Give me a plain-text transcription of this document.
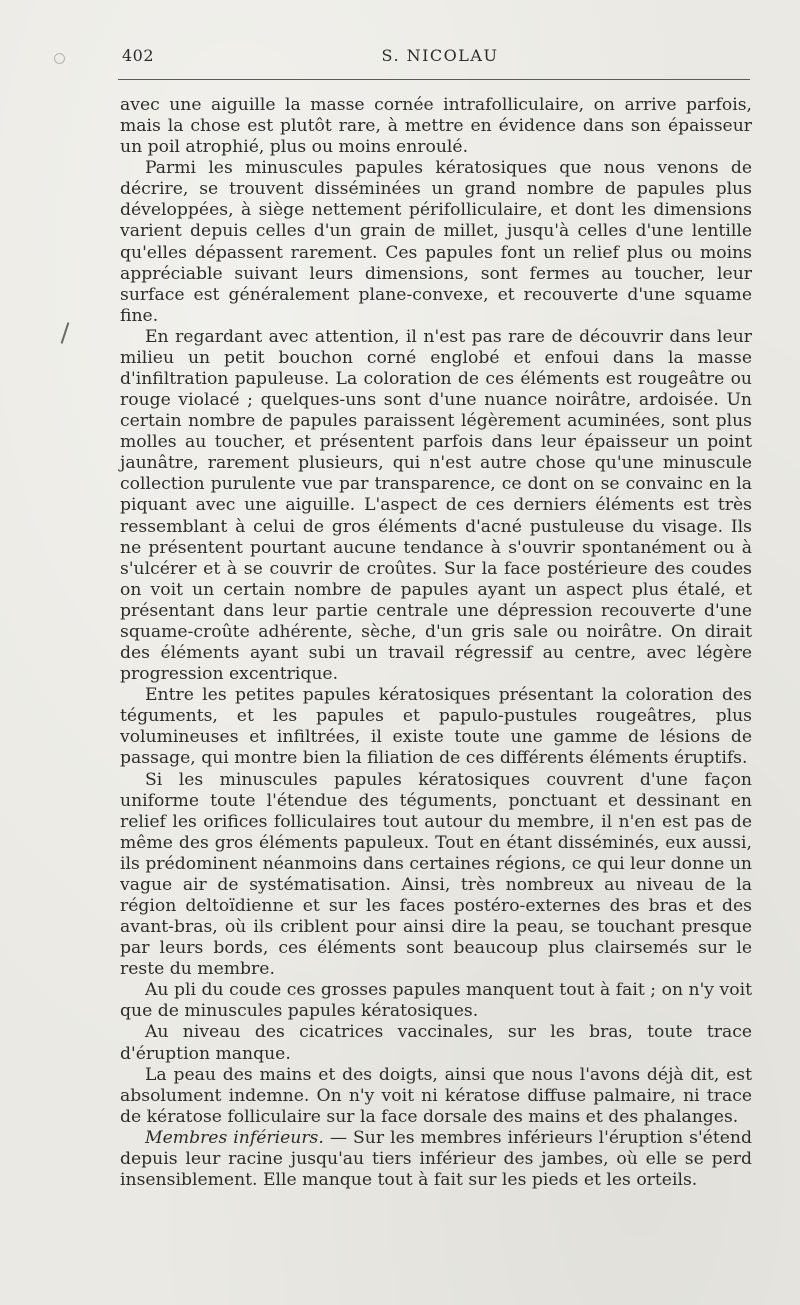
402	S. NICOLAU

avec une aiguille la masse cornée intrafolliculaire, on arrive parfois, mais la chose est plutôt rare, à mettre en évidence dans son épaisseur un poil atrophié, plus ou moins enroulé.

Parmi les minuscules papules kératosiques que nous venons de décrire, se trouvent disséminées un grand nombre de papules plus développées, à siège nettement périfolliculaire, et dont les dimensions varient depuis celles d'un grain de millet, jusqu'à celles d'une lentille qu'elles dépassent rarement. Ces papules font un relief plus ou moins appréciable suivant leurs dimensions, sont fermes au toucher, leur surface est généralement plane-convexe, et recouverte d'une squame fine.

En regardant avec attention, il n'est pas rare de découvrir dans leur milieu un petit bouchon corné englobé et enfoui dans la masse d'infiltration papuleuse. La coloration de ces éléments est rougeâtre ou rouge violacé ; quelques-uns sont d'une nuance noirâtre, ardoisée. Un certain nombre de papules paraissent légèrement acuminées, sont plus molles au toucher, et présentent parfois dans leur épaisseur un point jaunâtre, rarement plusieurs, qui n'est autre chose qu'une minuscule collection purulente vue par transparence, ce dont on se convainc en la piquant avec une aiguille. L'aspect de ces derniers éléments est très ressemblant à celui de gros éléments d'acné pustuleuse du visage. Ils ne présentent pourtant aucune tendance à s'ouvrir spontanément ou à s'ulcérer et à se couvrir de croûtes. Sur la face postérieure des coudes on voit un certain nombre de papules ayant un aspect plus étalé, et présentant dans leur partie centrale une dépression recouverte d'une squame-croûte adhérente, sèche, d'un gris sale ou noirâtre. On dirait des éléments ayant subi un travail régressif au centre, avec légère progression excentrique.

Entre les petites papules kératosiques présentant la coloration des téguments, et les papules et papulo-pustules rougeâtres, plus volumineuses et infiltrées, il existe toute une gamme de lésions de passage, qui montre bien la filiation de ces différents éléments éruptifs.

Si les minuscules papules kératosiques couvrent d'une façon uniforme toute l'étendue des téguments, ponctuant et dessinant en relief les orifices folliculaires tout autour du membre, il n'en est pas de même des gros éléments papuleux. Tout en étant disséminés, eux aussi, ils prédominent néanmoins dans certaines régions, ce qui leur donne un vague air de systématisation. Ainsi, très nombreux au niveau de la région deltoïdienne et sur les faces postéro-externes des bras et des avant-bras, où ils criblent pour ainsi dire la peau, se touchant presque par leurs bords, ces éléments sont beaucoup plus clairsemés sur le reste du membre.

Au pli du coude ces grosses papules manquent tout à fait ; on n'y voit que de minuscules papules kératosiques.

Au niveau des cicatrices vaccinales, sur les bras, toute trace d'éruption manque.

La peau des mains et des doigts, ainsi que nous l'avons déjà dit, est absolument indemne. On n'y voit ni kératose diffuse palmaire, ni trace de kératose folliculaire sur la face dorsale des mains et des phalanges.

Membres inférieurs. — Sur les membres inférieurs l'éruption s'étend depuis leur racine jusqu'au tiers inférieur des jambes, où elle se perd insensiblement. Elle manque tout à fait sur les pieds et les orteils.
